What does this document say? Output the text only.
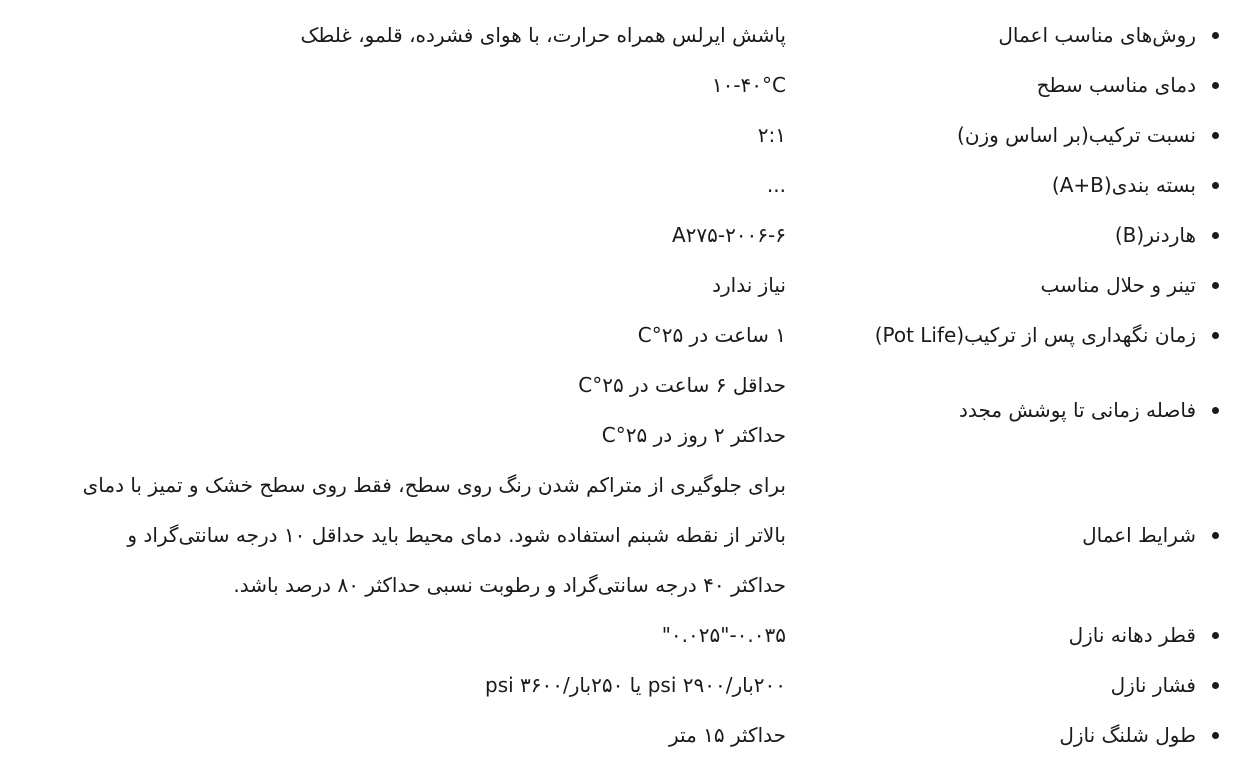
روش‌های مناسب اعمال
پاشش ایرلس همراه حرارت، با هوای فشرده، قلمو، غلطک
دمای مناسب سطح
۱۰-۴۰°C
نسبت ترکیب(بر اساس وزن)
۲:۱
بسته بندی(A+B)
...
هاردنر(B)
A۲۷۵-۲۰۰۶-۶
تینر و حلال مناسب
نیاز ندارد
زمان نگهداری پس از ترکیب(Pot Life)
۱ ساعت در ۲۵°C
فاصله زمانی تا پوشش مجدد
حداقل ۶ ساعت در ۲۵°C
حداکثر ۲ روز در ۲۵°C
شرایط اعمال
برای جلوگیری از متراکم شدن رنگ روی سطح، فقط روی سطح خشک و تمیز با دمای
بالاتر از نقطه شبنم استفاده شود. دمای محیط باید حداقل ۱۰ درجه سانتی‌گراد و
حداکثر ۴۰ درجه سانتی‌گراد و رطوبت نسبی حداکثر ۸۰ درصد باشد.
قطر دهانه نازل
"۰.۰۲۵"-۰.۰۳۵
فشار نازل
۲۰۰بار/psi ۲۹۰۰ یا ۲۵۰بار/psi ۳۶۰۰
طول شلنگ نازل
حداکثر ۱۵ متر
